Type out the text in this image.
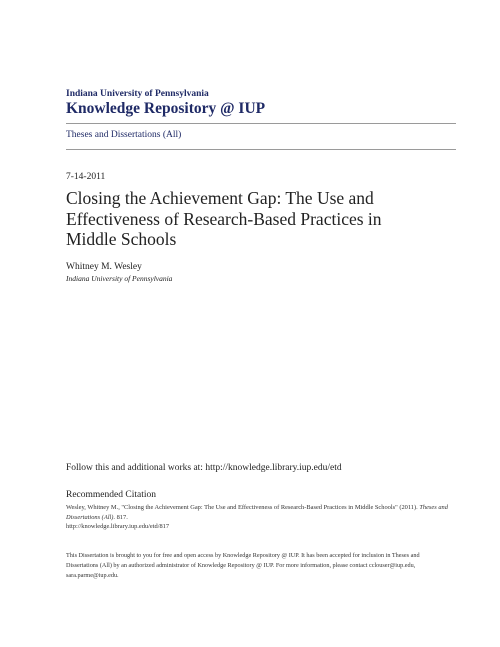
Indiana University of Pennsylvania
Knowledge Repository @ IUP
Theses and Dissertations (All)
7-14-2011
Closing the Achievement Gap: The Use and Effectiveness of Research-Based Practices in Middle Schools
Whitney M. Wesley
Indiana University of Pennsylvania
Follow this and additional works at: http://knowledge.library.iup.edu/etd
Recommended Citation
Wesley, Whitney M., "Closing the Achievement Gap: The Use and Effectiveness of Research-Based Practices in Middle Schools" (2011). Theses and Dissertations (All). 817.
http://knowledge.library.iup.edu/etd/817
This Dissertation is brought to you for free and open access by Knowledge Repository @ IUP. It has been accepted for inclusion in Theses and Dissertations (All) by an authorized administrator of Knowledge Repository @ IUP. For more information, please contact cclouser@iup.edu, sara.parme@iup.edu.
